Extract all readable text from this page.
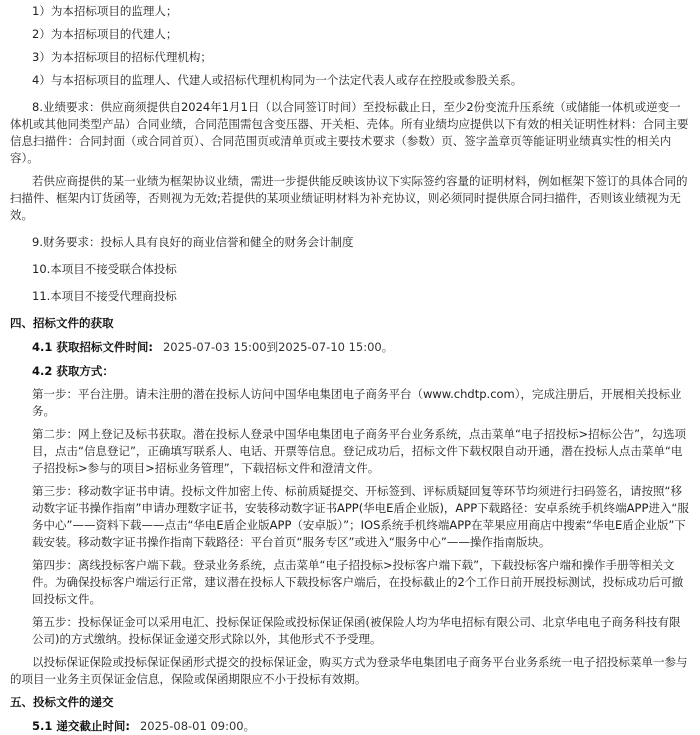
1）为本招标项目的监理人；

2）为本招标项目的代建人；

3）为本招标项目的招标代理机构；

4）与本招标项目的监理人、代建人或招标代理机构同为一个法定代表人或存在控股或参股关系。

8.业绩要求：供应商须提供自2024年1月1日（以合同签订时间）至投标截止日，至少2份变流升压系统（或储能一体机或逆变一体机或其他同类型产品）合同业绩，合同范围需包含变压器、开关柜、壳体。所有业绩均应提供以下有效的相关证明性材料：合同主要信息扫描件：合同封面（或合同首页）、合同范围页或清单页或主要技术要求（参数）页、签字盖章页等能证明业绩真实性的相关内容）。

若供应商提供的某一业绩为框架协议业绩，需进一步提供能反映该协议下实际签约容量的证明材料，例如框架下签订的具体合同的扫描件、框架内订货函等，否则视为无效;若提供的某项业绩证明材料为补充协议，则必须同时提供原合同扫描件，否则该业绩视为无效。

9.财务要求：投标人具有良好的商业信誉和健全的财务会计制度

10.本项目不接受联合体投标

11.本项目不接受代理商投标

四、招标文件的获取

4.1 获取招标文件时间: 2025-07-03 15:00到2025-07-10 15:00。

4.2 获取方式：

第一步：平台注册。请未注册的潜在投标人访问中国华电集团电子商务平台（www.chdtp.com），完成注册后，开展相关投标业务。

第二步：网上登记及标书获取。潜在投标人登录中国华电集团电子商务平台业务系统，点击菜单“电子招投标>招标公告”，勾选项目，点击“信息登记”，正确填写联系人、电话、开票等信息。登记成功后，招标文件下载权限自动开通，潜在投标人点击菜单“电子招投标>参与的项目>招标业务管理”，下载招标文件和澄清文件。

第三步：移动数字证书申请。投标文件加密上传、标前质疑提交、开标签到、评标质疑回复等环节均须进行扫码签名，请按照“移动数字证书操作指南”申请办理数字证书，安装移动数字证书APP(华电E盾企业版)，APP下载路径：安卓系统手机终端APP进入“服务中心”——资料下载——点击“华电E盾企业版APP（安卓版）”；IOS系统手机终端APP在苹果应用商店中搜索“华电E盾企业版”下载安装。移动数字证书操作指南下载路径：平台首页“服务专区”或进入“服务中心”——操作指南版块。

第四步：离线投标客户端下载。登录业务系统，点击菜单“电子招投标>投标客户端下载”，下载投标客户端和操作手册等相关文件。为确保投标客户端运行正常，建议潜在投标人下载投标客户端后，在投标截止的2个工作日前开展投标测试，投标成功后可撤回投标文件。

第五步：投标保证金可以采用电汇、投标保证保险或投标保证保函(被保险人均为华电招标有限公司、北京华电电子商务科技有限公司)的方式缴纳。投标保证金递交形式除以外，其他形式不予受理。

以投标保证保险或投标保证保函形式提交的投标保证金，购买方式为登录华电集团电子商务平台业务系统一电子招投标菜单一参与的项目一业务主页保证金信息，保险或保函期限应不小于投标有效期。

五、投标文件的递交

5.1 递交截止时间: 2025-08-01 09:00。
